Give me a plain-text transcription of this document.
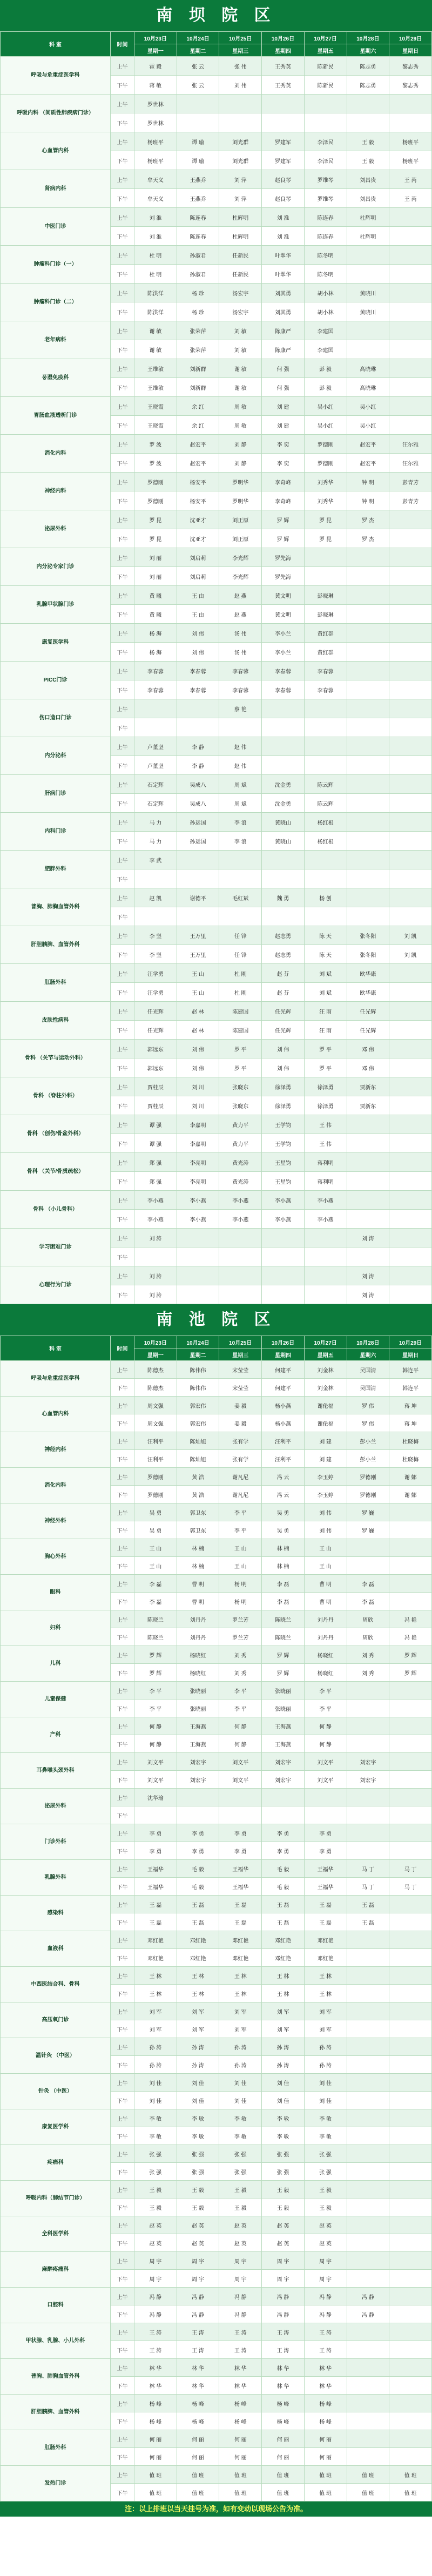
南 坝 院 区
科 室	时间	10月23日	10月24日	10月25日	10月26日	10月27日	10月28日	10月29日
		星期一	星期二	星期三	星期四	星期五	星期六	星期日
呼吸与危重症医学科	上午	霍 毅	张 云	张 伟	王秀英	陈新民	陈志勇	黎志秀
	下午	蒋 敏	张 云	刘 伟	王秀英	陈新民	陈志勇	黎志秀
呼吸内科 （间质性肺疾病门诊）	上午	罗世林						
	下午	罗世林						
心血管内科	上午	杨班平	谭 瑜	刘光群	罗建军	李泽民	王 毅	杨班平
	下午	杨班平	谭 瑜	刘光群	罗建军	李泽民	王 毅	杨班平
肾病内科	上午	牟天义	王燕乔	刘 萍	赵良琴	罗维琴	刘昌贵	王 芮
	下午	牟天义	王燕乔	刘 萍	赵良琴	罗维琴	刘昌贵	王 芮
中医门诊	上午	刘 淮	陈连春	杜辉明	刘 淮	陈连春	杜辉明	
	下午	刘 淮	陈连春	杜辉明	刘 淮	陈连春	杜辉明	
肿瘤科门诊（一）	上午	杜 明	孙淑君	任新民	叶翠华	陈冬明		
	下午	杜 明	孙淑君	任新民	叶翠华	陈冬明		
肿瘤科门诊（二）	上午	陈洪洋	杨 珍	汤宏宇	刘其勇	胡小林	黄晓川	
	下午	陈洪洋	杨 珍	汤宏宇	刘其勇	胡小林	黄晓川	
老年病科	上午	谢 敏	张荣萍	刘 敏	陈康严	李建国		
	下午	谢 敏	张荣萍	刘 敏	陈康严	李建国		
풍湿免疫科	上午	王维敏	刘新群	谢 敏	何 强	彭 毅	高晓琳	
	下午	王维敏	刘新群	谢 敏	何 强	彭 毅	高晓琳	
胃肠血液透析门诊	上午	王晓霞	余 红	周 敏	刘 建	吴小红	吴小红	
	下午	王晓霞	余 红	周 敏	刘 建	吴小红	吴小红	
消化内科	上午	罗 波	赵宏平	刘 静	李 奕	罗德刚	赵宏平	汪尔雅
	下午	罗 波	赵宏平	刘 静	李 奕	罗德刚	赵宏平	汪尔雅
神经内科	上午	罗德刚	杨安平	罗明华	李奇峰	刘秀华	钟 明	彭青芳
	下午	罗德刚	杨安平	罗明华	李奇峰	刘秀华	钟 明	彭青芳
泌尿外科	上午	罗 昆	沈亚才	刘正原	罗 辉	罗 昆	罗 杰	
	下午	罗 昆	沈亚才	刘正原	罗 辉	罗 昆	罗 杰	
内分泌专家门诊	上午	刘 丽	刘启莉	李光辉	罗先海			
	下午	刘 丽	刘启莉	李光辉	罗先海			
乳腺甲状腺门诊	上午	黄 曦	王 由	赵 燕	黄文明	彭晓琳		
	下午	黄 曦	王 由	赵 燕	黄文明	彭晓琳		
康复医学科	上午	杨 海	刘 伟	汤 伟	李小兰	黄红群		
	下午	杨 海	刘 伟	汤 伟	李小兰	黄红群		
PICC门诊	上午	李春蓉	李春蓉	李春蓉	李春蓉	李春蓉		
	下午	李春蓉	李春蓉	李春蓉	李春蓉	李春蓉		
伤口造口门诊	上午			蔡 艳				
	下午							
内分泌科	上午	卢董坚	李 静	赵 伟				
	下午	卢董坚	李 静	赵 伟				
肝病门诊	上午	石定辉	吴成八	周 斌	沈金勇	陈云辉		
	下午	石定辉	吴成八	周 斌	沈金勇	陈云辉		
内科门诊	上午	马 力	孙运国	李 浪	黄晓山	杨红根		
	下午	马 力	孙运国	李 浪	黄晓山	杨红根		
肥胖外科	上午	李 武						
	下午							
普胸、肺胸血管外科	上午	赵 凯	谢德平	毛红斌	魏 勇	杨 创		
	下午							
肝胆胰脾、血管外科	上午	李 坚	王万里	任 锋	赵志勇	陈 天	张冬阳	刘 凯
	下午	李 坚	王万里	任 锋	赵志勇	陈 天	张冬阳	刘 凯
肛肠外科	上午	汪学勇	王 山	杜 刚	赵 芬	刘 斌	欧华康	
	下午	汪学勇	王 山	杜 刚	赵 芬	刘 斌	欧华康	
皮肤性病科	上午	任光辉	赵 林	陈建国	任光辉	汪 雨	任光辉	
	下午	任光辉	赵 林	陈建国	任光辉	汪 雨	任光辉	
骨科 （关节与运动外科）	上午	郭远东	刘 伟	罗 平	刘 伟	罗 平	邓 伟	
	下午	郭远东	刘 伟	罗 平	刘 伟	罗 平	邓 伟	
骨科 （脊柱外科）	上午	贾桂辰	刘 川	张晓东	徐泽勇	徐泽勇	贾新东	
	下午	贾桂辰	刘 川	张晓东	徐泽勇	徐泽勇	贾新东	
骨科 （创伤/骨盆外科）	上午	谭 强	李嘉明	黄力平	王学钧	王 伟		
	下午	谭 强	李嘉明	黄力平	王学钧	王 伟		
骨科 （关节/骨质疏松）	上午	郑 强	李亮明	黄光涛	王星钧	蒋利明		
	下午	郑 强	李亮明	黄光涛	王星钧	蒋利明		
骨科 （小儿骨科）	上午	李小燕	李小燕	李小燕	李小燕	李小燕		
	下午	李小燕	李小燕	李小燕	李小燕	李小燕		
学习困难门诊	上午	刘 涛					刘 涛	
	下午							
心理行为门诊	上午	刘 涛					刘 涛	
	下午	刘 涛					刘 涛	
南 池 院 区
科 室	时间	10月23日	10月24日	10月25日	10月26日	10月27日	10月28日	10月29日
		星期一	星期二	星期三	星期四	星期五	星期六	星期日
呼吸与危重症医学科	上午	陈德杰	陈伟伟	宋莹莹	何建平	刘金林	吴国清	韩连平
	下午	陈德杰	陈伟伟	宋莹莹	何建平	刘金林	吴国清	韩连平
心血管内科	上午	周文强	郭宏伟	姜 毅	杨小燕	谢伦福	罗 伟	蒋 坤
	下午	周文强	郭宏伟	姜 毅	杨小燕	谢伦福	罗 伟	蒋 坤
神经内科	上午	汪利平	陈灿旭	张有学	汪利平	刘 建	彭小兰	杜晓梅
	下午	汪利平	陈灿旭	张有学	汪利平	刘 建	彭小兰	杜晓梅
消化内科	上午	罗德刚	黄 浩	谢凡尼	冯 云	李玉婷	罗德刚	谢 娜
	下午	罗德刚	黄 浩	谢凡尼	冯 云	李玉婷	罗德刚	谢 娜
神经外科	上午	吴 勇	郭卫东	李 平	吴 勇	刘 伟	罗 巍	
	下午	吴 勇	郭卫东	李 平	吴 勇	刘 伟	罗 巍	
胸心外科	上午	王 山	林 楠	王 山	林 楠	王 山		
	下午	王 山	林 楠	王 山	林 楠	王 山		
眼科	上午	李 磊	曹 明	杨 明	李 磊	曹 明	李 磊	
	下午	李 磊	曹 明	杨 明	李 磊	曹 明	李 磊	
妇科	上午	陈晓兰	刘丹丹	罗兰芳	陈晓兰	刘丹丹	周欣	冯 艳
	下午	陈晓兰	刘丹丹	罗兰芳	陈晓兰	刘丹丹	周欣	冯 艳
儿科	上午	罗 辉	杨晓红	刘 秀	罗 辉	杨晓红	刘 秀	罗 辉
	下午	罗 辉	杨晓红	刘 秀	罗 辉	杨晓红	刘 秀	罗 辉
儿童保健	上午	李 平	张晓丽	李 平	张晓丽	李 平		
	下午	李 平	张晓丽	李 平	张晓丽	李 平		
产科	上午	何 静	王海燕	何 静	王海燕	何 静		
	下午	何 静	王海燕	何 静	王海燕	何 静		
耳鼻喉头颈外科	上午	刘文平	刘宏宇	刘文平	刘宏宇	刘文平	刘宏宇	
	下午	刘文平	刘宏宇	刘文平	刘宏宇	刘文平	刘宏宇	
泌尿外科	上午	沈华瑜						
	下午							
门诊外科	上午	李 勇	李 勇	李 勇	李 勇	李 勇		
	下午	李 勇	李 勇	李 勇	李 勇	李 勇		
乳腺外科	上午	王福华	毛 毅	王福华	毛 毅	王福华	马 丁	马 丁
	下午	王福华	毛 毅	王福华	毛 毅	王福华	马 丁	马 丁
感染科	上午	王 磊	王 磊	王 磊	王 磊	王 磊	王 磊	
	下午	王 磊	王 磊	王 磊	王 磊	王 磊	王 磊	
血液科	上午	邓红艳	邓红艳	邓红艳	邓红艳	邓红艳		
	下午	邓红艳	邓红艳	邓红艳	邓红艳	邓红艳		
中西医结合科、骨科	上午	王 林	王 林	王 林	王 林	王 林		
	下午	王 林	王 林	王 林	王 林	王 林		
高压氧门诊	上午	刘 军	刘 军	刘 军	刘 军	刘 军		
	下午	刘 军	刘 军	刘 军	刘 军	刘 军		
温针灸 （中医）	上午	孙 涛	孙 涛	孙 涛	孙 涛	孙 涛		
	下午	孙 涛	孙 涛	孙 涛	孙 涛	孙 涛		
针灸 （中医）	上午	刘 佳	刘 佳	刘 佳	刘 佳	刘 佳		
	下午	刘 佳	刘 佳	刘 佳	刘 佳	刘 佳		
康复医学科	上午	李 敏	李 敏	李 敏	李 敏	李 敏		
	下午	李 敏	李 敏	李 敏	李 敏	李 敏		
疼痛科	上午	张 强	张 强	张 强	张 强	张 强		
	下午	张 强	张 强	张 强	张 强	张 强		
呼吸内科（肺结节门诊）	上午	王 毅	王 毅	王 毅	王 毅	王 毅		
	下午	王 毅	王 毅	王 毅	王 毅	王 毅		
全科医学科	上午	赵 英	赵 英	赵 英	赵 英	赵 英		
	下午	赵 英	赵 英	赵 英	赵 英	赵 英		
麻醉疼痛科	上午	周 宇	周 宇	周 宇	周 宇	周 宇		
	下午	周 宇	周 宇	周 宇	周 宇	周 宇		
口腔科	上午	冯 静	冯 静	冯 静	冯 静	冯 静	冯 静	
	下午	冯 静	冯 静	冯 静	冯 静	冯 静	冯 静	
甲状腺、乳腺、小儿外科	上午	王 涛	王 涛	王 涛	王 涛	王 涛		
	下午	王 涛	王 涛	王 涛	王 涛	王 涛		
普胸、肺胸血管外科	上午	林 华	林 华	林 华	林 华	林 华		
	下午	林 华	林 华	林 华	林 华	林 华		
肝胆胰脾、血管外科	上午	杨 峰	杨 峰	杨 峰	杨 峰	杨 峰		
	下午	杨 峰	杨 峰	杨 峰	杨 峰	杨 峰		
肛肠外科	上午	何 丽	何 丽	何 丽	何 丽	何 丽		
	下午	何 丽	何 丽	何 丽	何 丽	何 丽		
发热门诊	上午	值 班	值 班	值 班	值 班	值 班	值 班	值 班
	下午	值 班	值 班	值 班	值 班	值 班	值 班	值 班
注：以上排班以当天挂号为准，如有变动以现场公告为准。
